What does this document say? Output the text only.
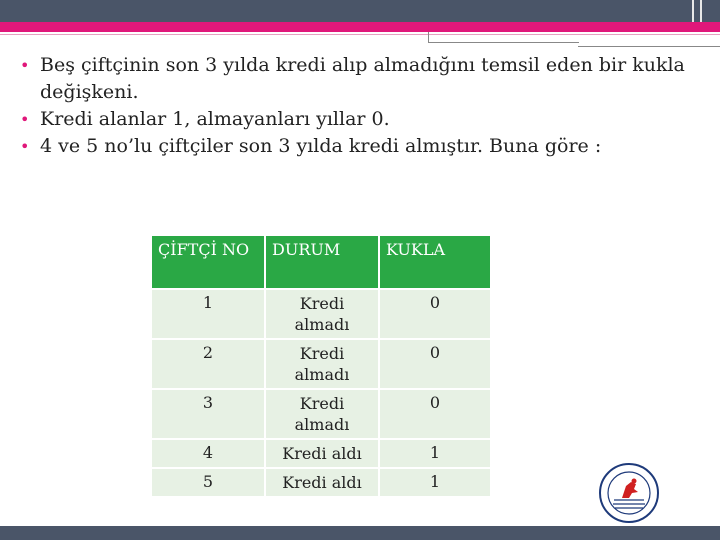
• Beş çiftçinin son 3 yılda kredi alıp almadığını temsil eden bir kukla değişkeni.
• Kredi alanlar 1, almayanları yıllar 0.
• 4 ve 5 no’lu çiftçiler son 3 yılda kredi almıştır. Buna göre :
ÇİFTÇİ NO	DURUM	KUKLA
1	Kredi almadı	0
2	Kredi almadı	0
3	Kredi almadı	0
4	Kredi aldı	1
5	Kredi aldı	1
